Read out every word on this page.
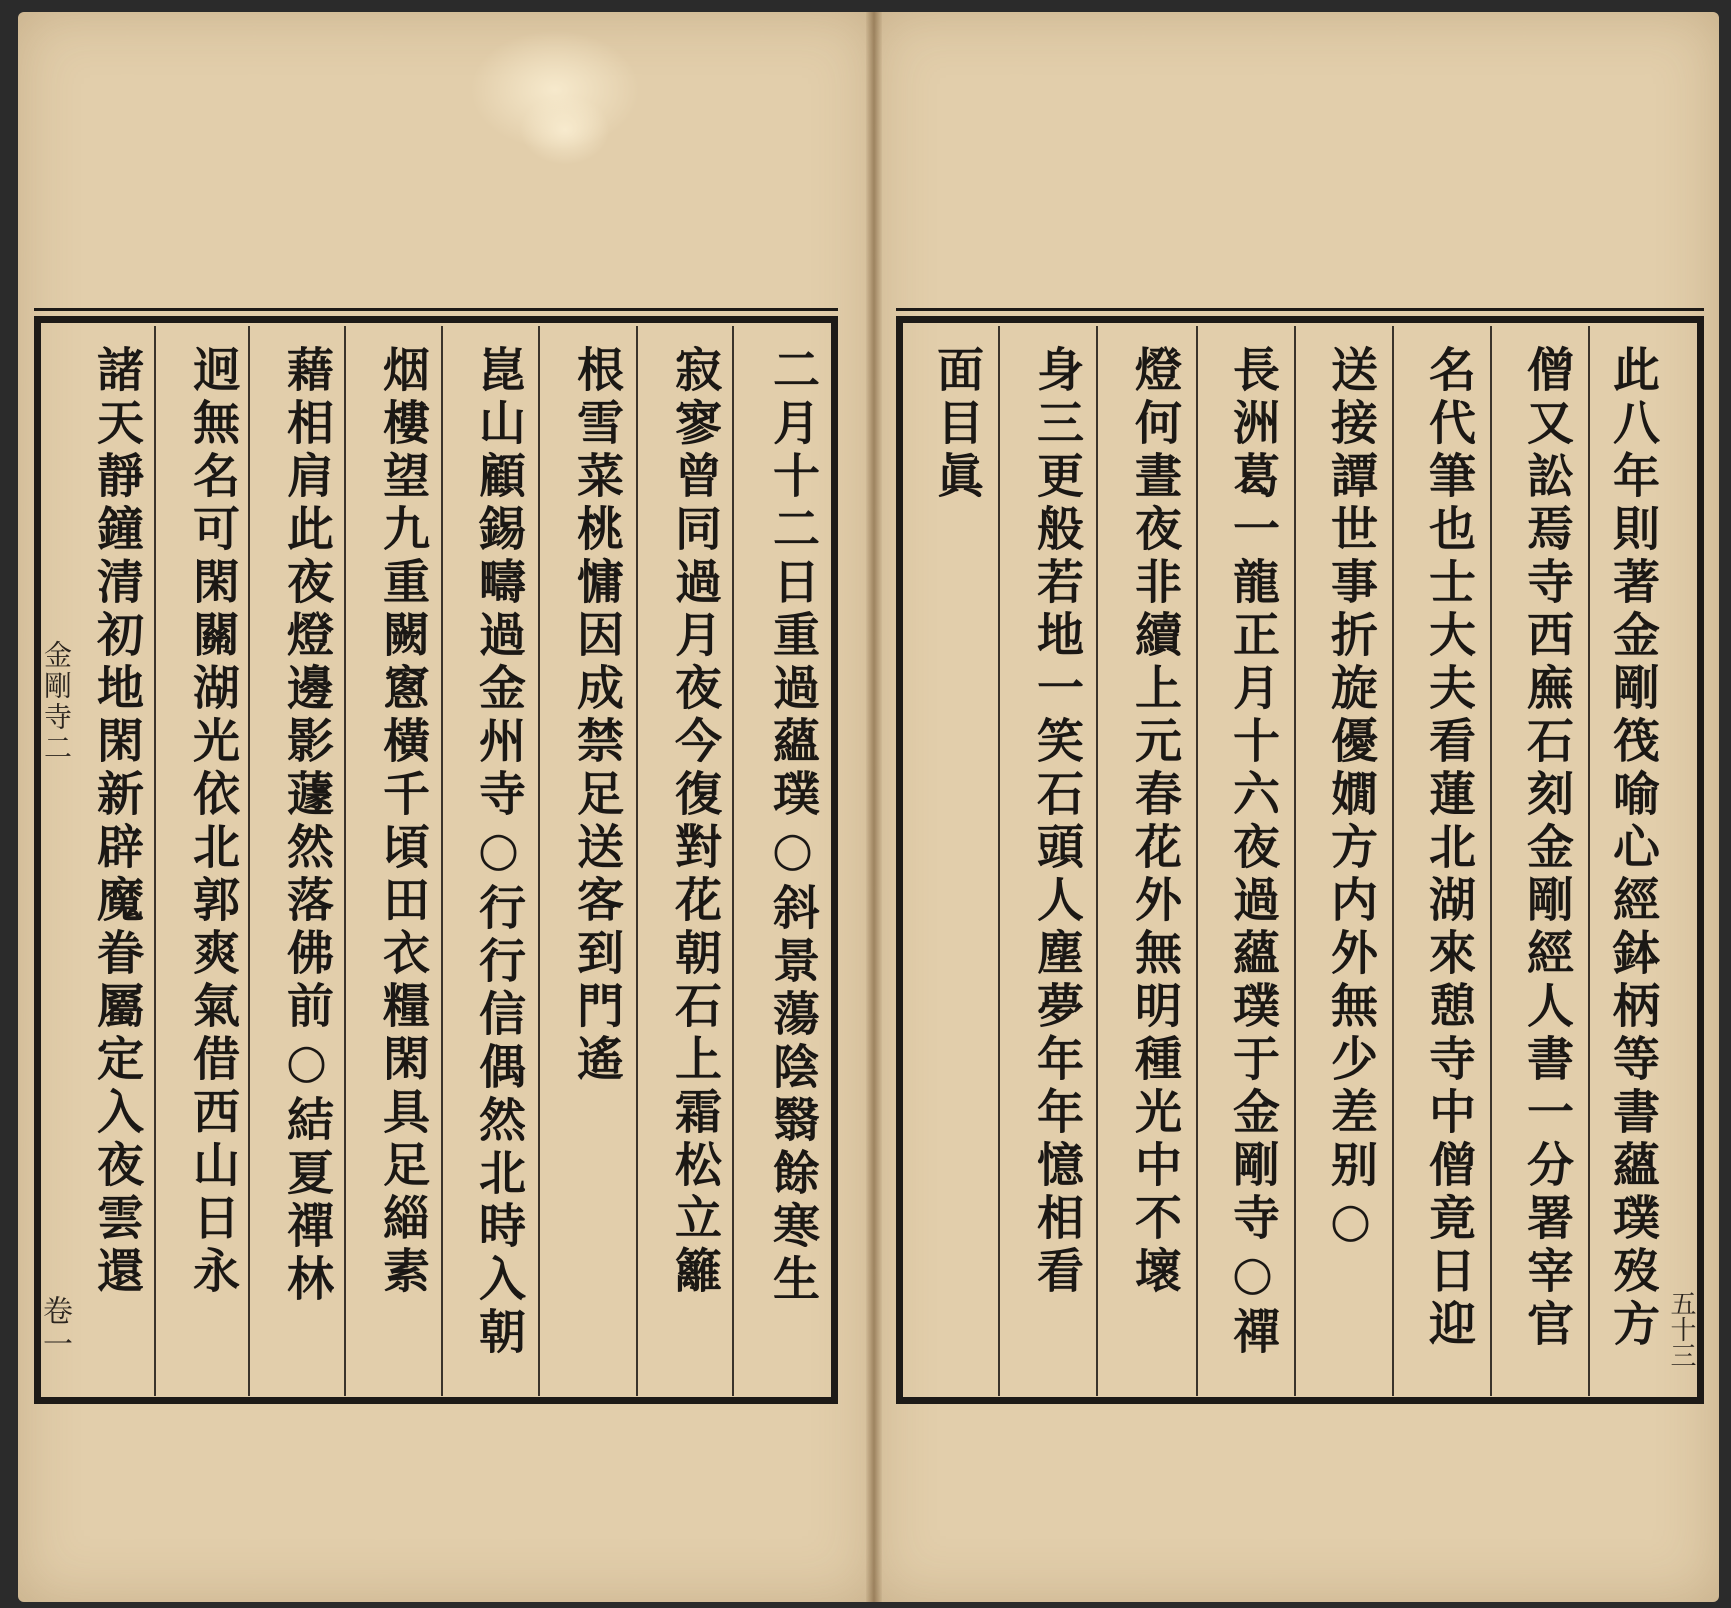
金剛寺二
卷一
二月十二日重過蘊璞○斜景蕩陰翳餘寒生
寂寥曾同過月夜今復對花朝石上霜松立籬
根雪菜桃慵因成禁足送客到門遙
崑山顧錫疇過金州寺○行行信偶然北時入朝
烟樓望九重闕窻橫千頃田衣糧閑具足緇素
藉相肩此夜燈邊影蘧然落佛前○結夏禪林
迥無名可閑關湖光依北郭爽氣借西山日永
諸天靜鐘清初地閑新辟魔眷屬定入夜雲還	此八年則著金剛筏喻心經鉢柄等書蘊璞歿方
僧又訟焉寺西廡石刻金剛經人書一分署宰官
名代筆也士大夫看蓮北湖來憩寺中僧竟日迎
送接譚世事折旋優嫺方内外無少差别○
長洲葛一龍正月十六夜過蘊璞于金剛寺○禪
燈何晝夜非續上元春花外無明種光中不壞
身三更般若地一笑石頭人塵夢年年憶相看
面目眞
五十三
